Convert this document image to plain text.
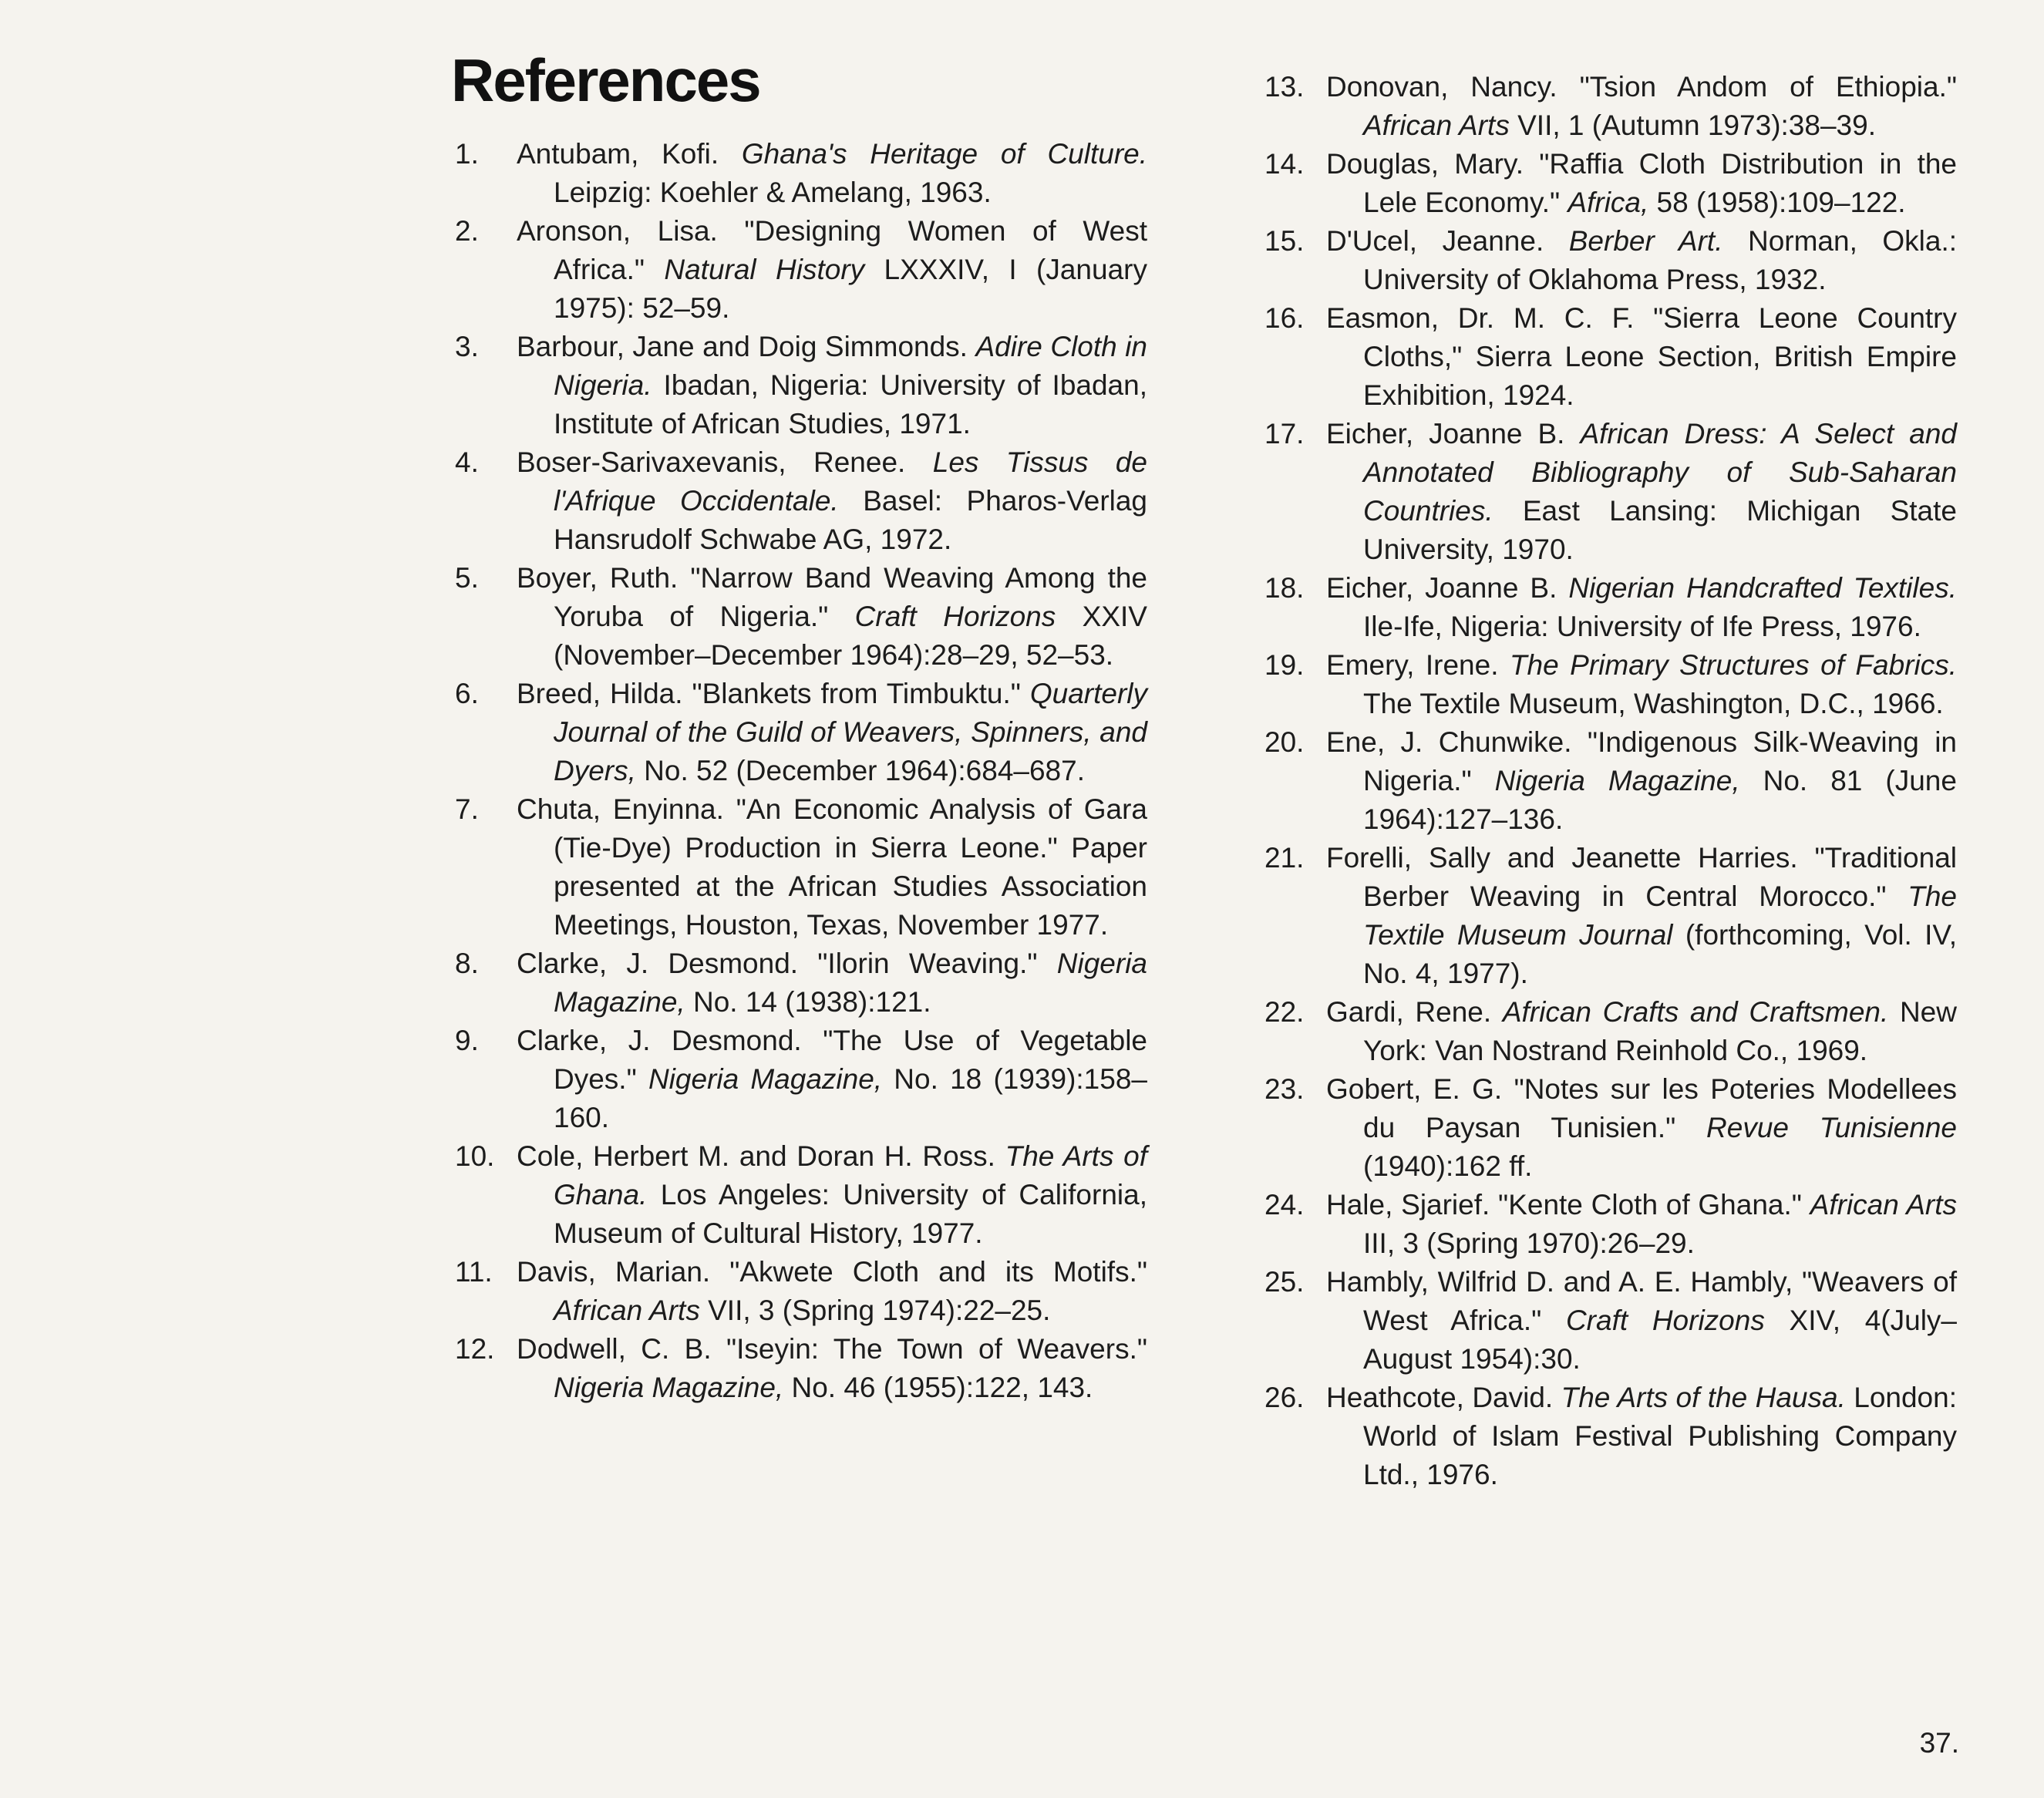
References
1. Antubam, Kofi. Ghana's Heritage of Culture. Leipzig: Koehler & Amelang, 1963.
2. Aronson, Lisa. "Designing Women of West Africa." Natural History LXXXIV, I (January 1975): 52–59.
3. Barbour, Jane and Doig Simmonds. Adire Cloth in Nigeria. Ibadan, Nigeria: University of Ibadan, Institute of African Studies, 1971.
4. Boser-Sarivaxevanis, Renee. Les Tissus de l'Afrique Occidentale. Basel: Pharos-Verlag Hansrudolf Schwabe AG, 1972.
5. Boyer, Ruth. "Narrow Band Weaving Among the Yoruba of Nigeria." Craft Horizons XXIV (November–December 1964):28–29, 52–53.
6. Breed, Hilda. "Blankets from Timbuktu." Quarterly Journal of the Guild of Weavers, Spinners, and Dyers, No. 52 (December 1964):684–687.
7. Chuta, Enyinna. "An Economic Analysis of Gara (Tie-Dye) Production in Sierra Leone." Paper presented at the African Studies Association Meetings, Houston, Texas, November 1977.
8. Clarke, J. Desmond. "Ilorin Weaving." Nigeria Magazine, No. 14 (1938):121.
9. Clarke, J. Desmond. "The Use of Vegetable Dyes." Nigeria Magazine, No. 18 (1939):158–160.
10. Cole, Herbert M. and Doran H. Ross. The Arts of Ghana. Los Angeles: University of California, Museum of Cultural History, 1977.
11. Davis, Marian. "Akwete Cloth and its Motifs." African Arts VII, 3 (Spring 1974):22–25.
12. Dodwell, C. B. "Iseyin: The Town of Weavers." Nigeria Magazine, No. 46 (1955):122, 143.
13. Donovan, Nancy. "Tsion Andom of Ethiopia." African Arts VII, 1 (Autumn 1973):38–39.
14. Douglas, Mary. "Raffia Cloth Distribution in the Lele Economy." Africa, 58 (1958):109–122.
15. D'Ucel, Jeanne. Berber Art. Norman, Okla.: University of Oklahoma Press, 1932.
16. Easmon, Dr. M. C. F. "Sierra Leone Country Cloths," Sierra Leone Section, British Empire Exhibition, 1924.
17. Eicher, Joanne B. African Dress: A Select and Annotated Bibliography of Sub-Saharan Countries. East Lansing: Michigan State University, 1970.
18. Eicher, Joanne B. Nigerian Handcrafted Textiles. Ile-Ife, Nigeria: University of Ife Press, 1976.
19. Emery, Irene. The Primary Structures of Fabrics. The Textile Museum, Washington, D.C., 1966.
20. Ene, J. Chunwike. "Indigenous Silk-Weaving in Nigeria." Nigeria Magazine, No. 81 (June 1964):127–136.
21. Forelli, Sally and Jeanette Harries. "Traditional Berber Weaving in Central Morocco." The Textile Museum Journal (forthcoming, Vol. IV, No. 4, 1977).
22. Gardi, Rene. African Crafts and Craftsmen. New York: Van Nostrand Reinhold Co., 1969.
23. Gobert, E. G. "Notes sur les Poteries Modellees du Paysan Tunisien." Revue Tunisienne (1940):162 ff.
24. Hale, Sjarief. "Kente Cloth of Ghana." African Arts III, 3 (Spring 1970):26–29.
25. Hambly, Wilfrid D. and A. E. Hambly, "Weavers of West Africa." Craft Horizons XIV, 4(July–August 1954):30.
26. Heathcote, David. The Arts of the Hausa. London: World of Islam Festival Publishing Company Ltd., 1976.
37.
